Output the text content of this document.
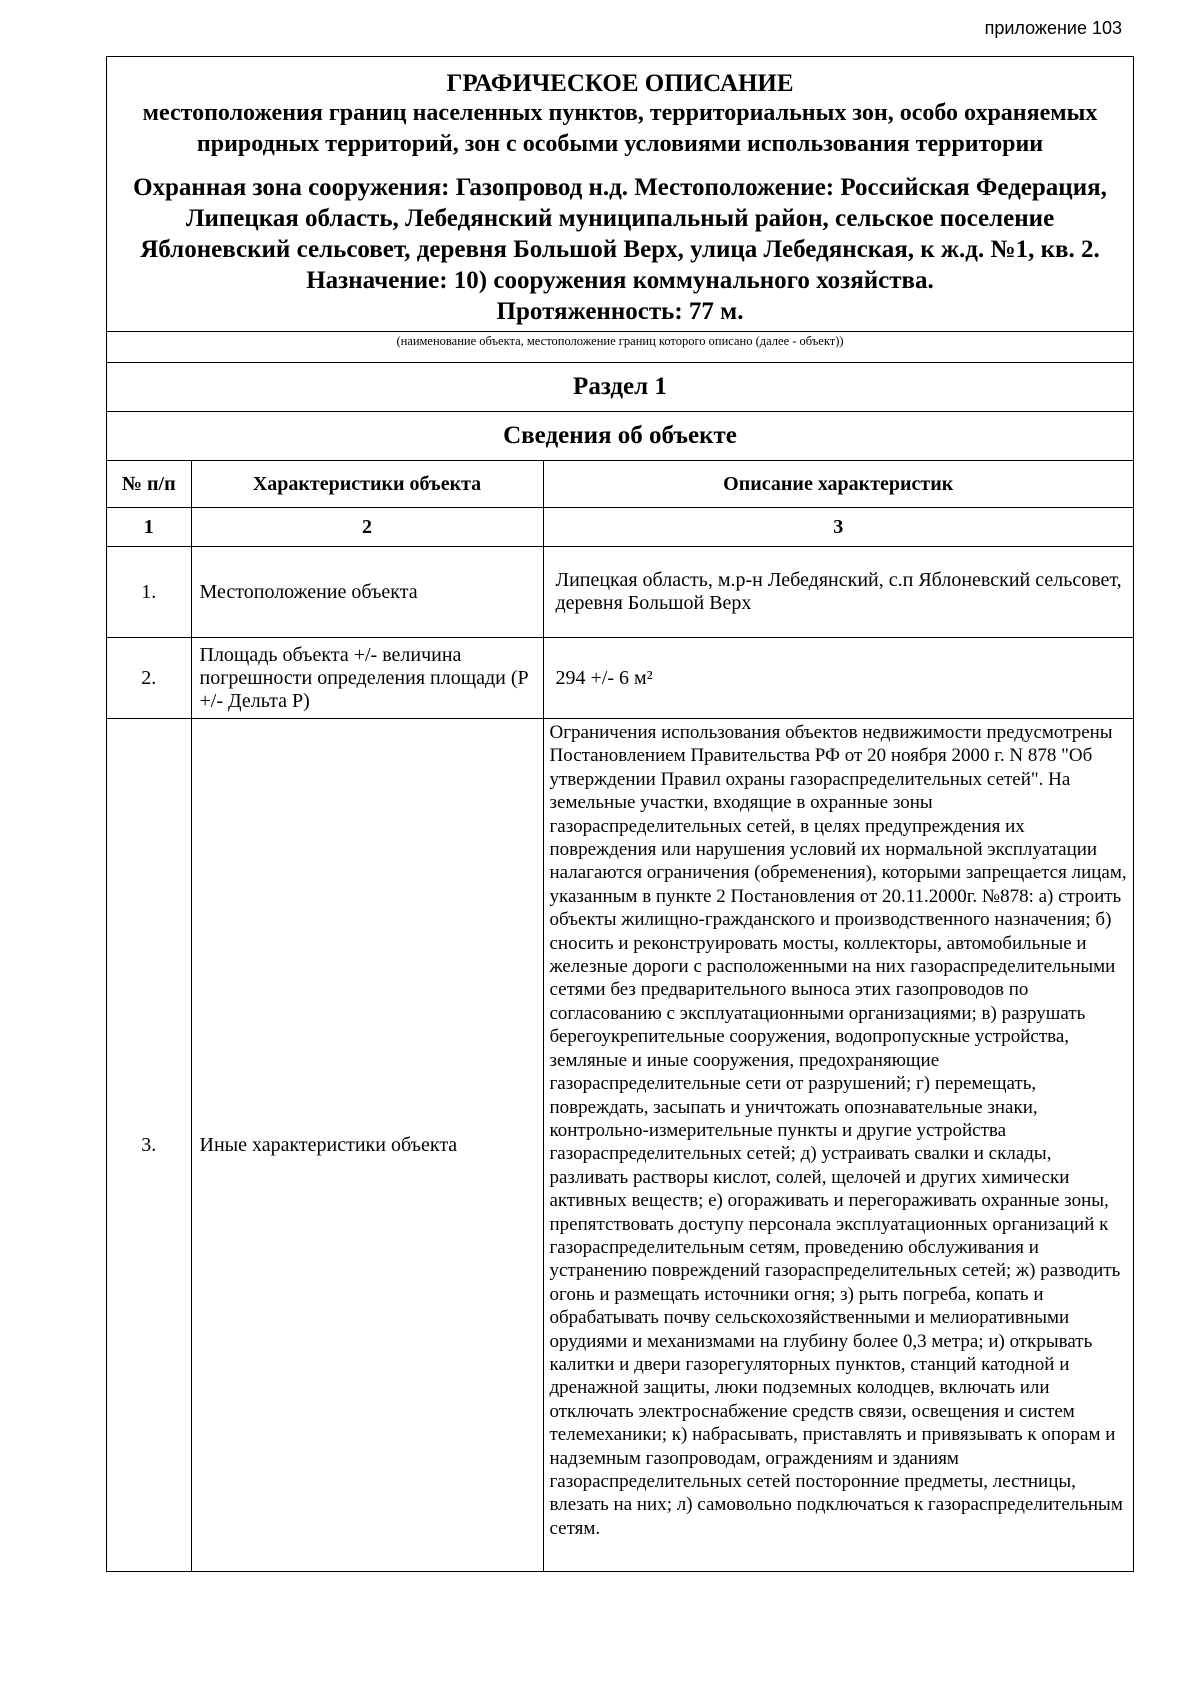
приложение 103
ГРАФИЧЕСКОЕ ОПИСАНИЕ
местоположения границ населенных пунктов, территориальных зон, особо охраняемых природных территорий, зон с особыми условиями использования территории
Охранная зона сооружения: Газопровод н.д. Местоположение: Российская Федерация, Липецкая область, Лебедянский муниципальный район, сельское поселение Яблоневский сельсовет, деревня Большой Верх, улица Лебедянская, к ж.д. №1, кв. 2. Назначение: 10) сооружения коммунального хозяйства.
Протяженность: 77 м.
(наименование объекта, местоположение границ которого описано (далее - объект))
Раздел 1
Сведения об объекте
№ п/п	Характеристики объекта	Описание характеристик
1	2	3
1.	Местоположение объекта	Липецкая область, м.р-н Лебедянский, с.п Яблоневский сельсовет, деревня Большой Верх
2.	Площадь объекта +/- величина погрешности определения площади (P +/- Дельта P)	294 +/- 6 м²
3.	Иные характеристики объекта	Ограничения использования объектов недвижимости предусмотрены Постановлением Правительства РФ от 20 ноября 2000 г. N 878 "Об утверждении Правил охраны газораспределительных сетей". На земельные участки, входящие в охранные зоны газораспределительных сетей, в целях предупреждения их повреждения или нарушения условий их нормальной эксплуатации налагаются ограничения (обременения), которыми запрещается лицам, указанным в пункте 2 Постановления от 20.11.2000г. №878: а) строить объекты жилищно-гражданского и производственного назначения; б) сносить и реконструировать мосты, коллекторы, автомобильные и железные дороги с расположенными на них газораспределительными сетями без предварительного выноса этих газопроводов по согласованию с эксплуатационными организациями; в) разрушать берегоукрепительные сооружения, водопропускные устройства, земляные и иные сооружения, предохраняющие газораспределительные сети от разрушений; г) перемещать, повреждать, засыпать и уничтожать опознавательные знаки, контрольно-измерительные пункты и другие устройства газораспределительных сетей; д) устраивать свалки и склады, разливать растворы кислот, солей, щелочей и других химически активных веществ; е) огораживать и перегораживать охранные зоны, препятствовать доступу персонала эксплуатационных организаций к газораспределительным сетям, проведению обслуживания и устранению повреждений газораспределительных сетей; ж) разводить огонь и размещать источники огня; з) рыть погреба, копать и обрабатывать почву сельскохозяйственными и мелиоративными орудиями и механизмами на глубину более 0,3 метра; и) открывать калитки и двери газорегуляторных пунктов, станций катодной и дренажной защиты, люки подземных колодцев, включать или отключать электроснабжение средств связи, освещения и систем телемеханики; к) набрасывать, приставлять и привязывать к опорам и надземным газопроводам, ограждениям и зданиям газораспределительных сетей посторонние предметы, лестницы, влезать на них; л) самовольно подключаться к газораспределительным сетям.
